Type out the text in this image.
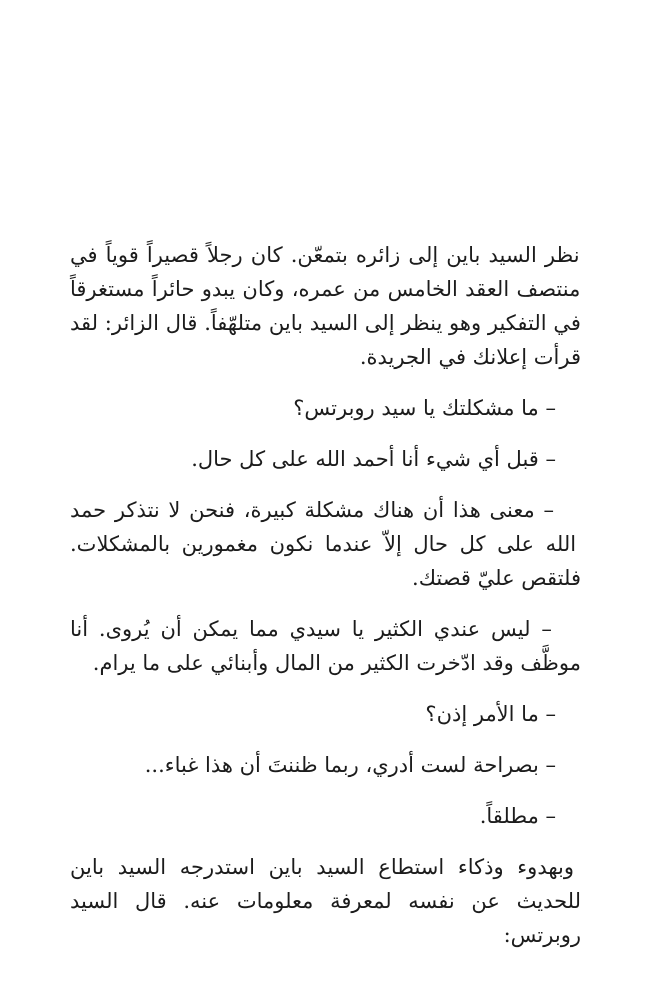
نظر السيد باين إلى زائره بتمعّن. كان رجلاً قصيراً قوياً في منتصف العقد الخامس من عمره، وكان يبدو حائراً مستغرقاً في التفكير وهو ينظر إلى السيد باين متلهّفاً. قال الزائر: لقد قرأت إعلانك في الجريدة.

– ما مشكلتك يا سيد روبرتس؟

– قبل أي شيء أنا أحمد الله على كل حال.

– معنى هذا أن هناك مشكلة كبيرة، فنحن لا نتذكر حمد الله على كل حال إلاّ عندما نكون مغمورين بالمشكلات. فلتقص عليّ قصتك.

– ليس عندي الكثير يا سيدي مما يمكن أن يُروى. أنا موظَّف وقد ادّخرت الكثير من المال وأبنائي على ما يرام.

– ما الأمر إذن؟

– بصراحة لست أدري، ربما ظننتَ أن هذا غباء...

– مطلقاً.

وبهدوء وذكاء استطاع السيد باين استدرجه السيد باين للحديث عن نفسه لمعرفة معلومات عنه. قال السيد روبرتس:
